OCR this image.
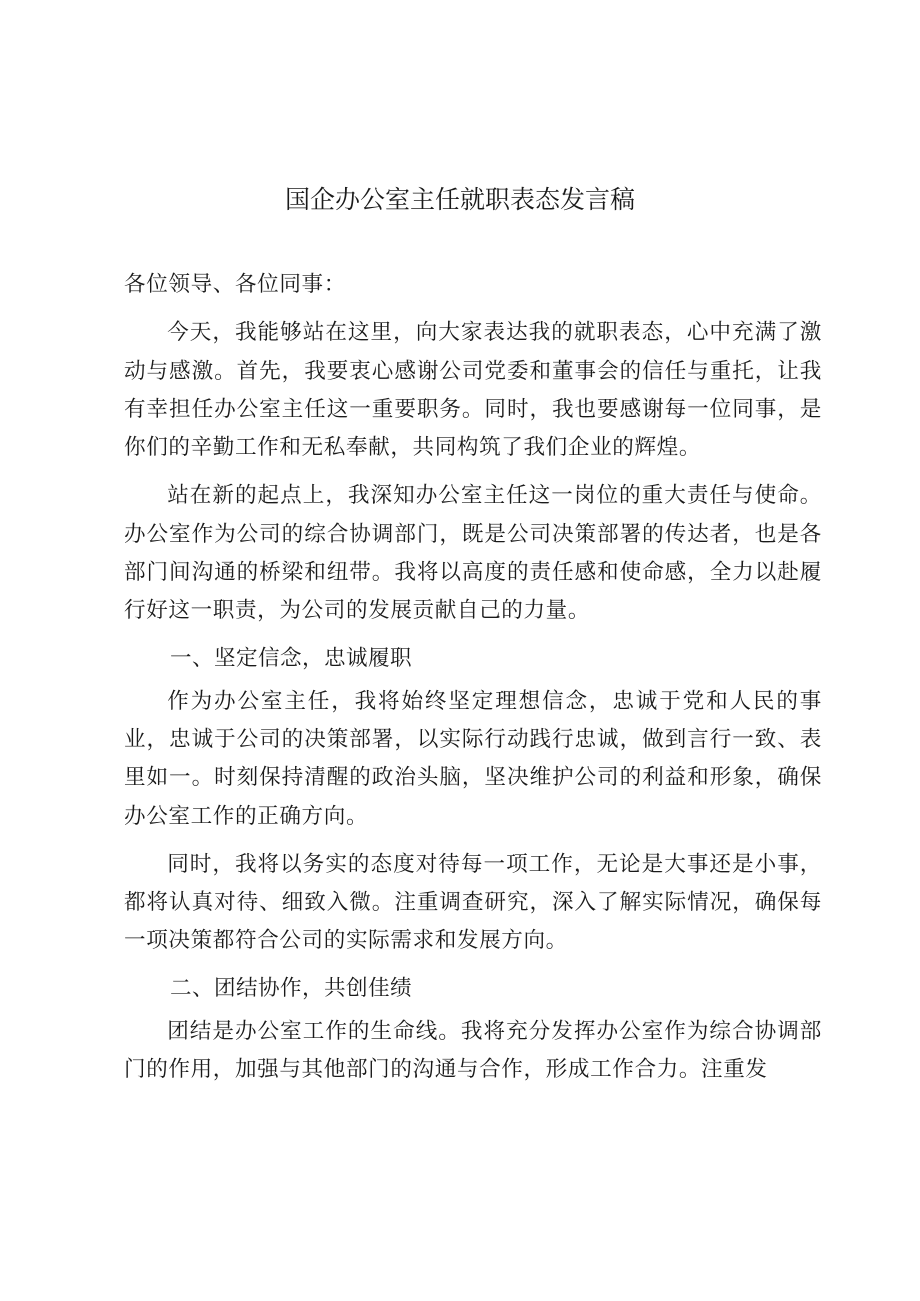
国企办公室主任就职表态发言稿

各位领导、各位同事：

今天，我能够站在这里，向大家表达我的就职表态，心中充满了激动与感激。首先，我要衷心感谢公司党委和董事会的信任与重托，让我有幸担任办公室主任这一重要职务。同时，我也要感谢每一位同事，是你们的辛勤工作和无私奉献，共同构筑了我们企业的辉煌。

站在新的起点上，我深知办公室主任这一岗位的重大责任与使命。办公室作为公司的综合协调部门，既是公司决策部署的传达者，也是各部门间沟通的桥梁和纽带。我将以高度的责任感和使命感，全力以赴履行好这一职责，为公司的发展贡献自己的力量。

一、坚定信念，忠诚履职

作为办公室主任，我将始终坚定理想信念，忠诚于党和人民的事业，忠诚于公司的决策部署，以实际行动践行忠诚，做到言行一致、表里如一。时刻保持清醒的政治头脑，坚决维护公司的利益和形象，确保办公室工作的正确方向。

同时，我将以务实的态度对待每一项工作，无论是大事还是小事，都将认真对待、细致入微。注重调查研究，深入了解实际情况，确保每一项决策都符合公司的实际需求和发展方向。

二、团结协作，共创佳绩

团结是办公室工作的生命线。我将充分发挥办公室作为综合协调部门的作用，加强与其他部门的沟通与合作，形成工作合力。注重发
